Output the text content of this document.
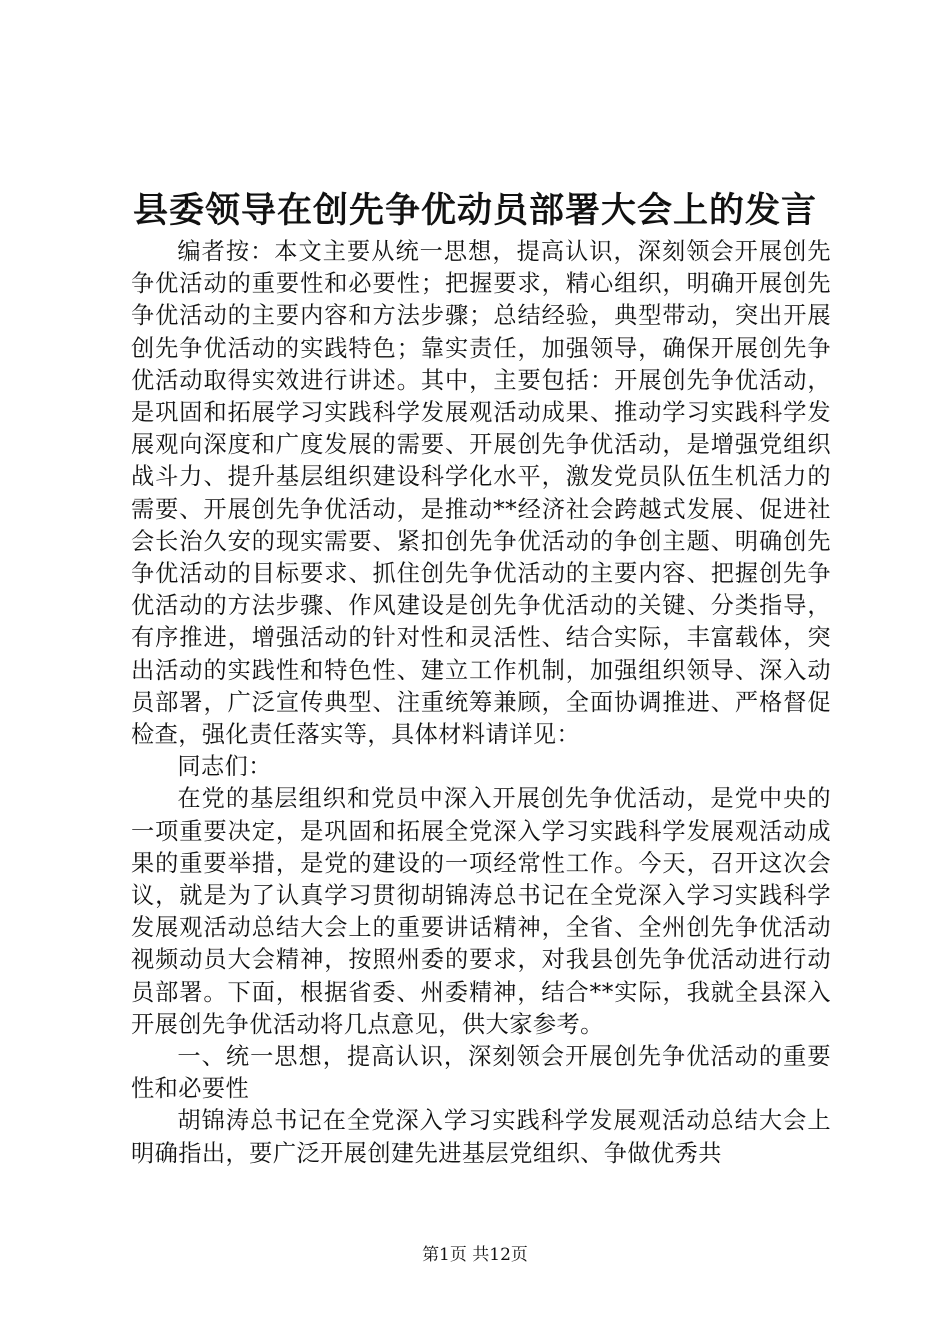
县委领导在创先争优动员部署大会上的发言

编者按：本文主要从统一思想，提高认识，深刻领会开展创先争优活动的重要性和必要性；把握要求，精心组织，明确开展创先争优活动的主要内容和方法步骤；总结经验，典型带动，突出开展创先争优活动的实践特色；靠实责任，加强领导，确保开展创先争优活动取得实效进行讲述。其中，主要包括：开展创先争优活动，是巩固和拓展学习实践科学发展观活动成果、推动学习实践科学发展观向深度和广度发展的需要、开展创先争优活动，是增强党组织战斗力、提升基层组织建设科学化水平，激发党员队伍生机活力的需要、开展创先争优活动，是推动**经济社会跨越式发展、促进社会长治久安的现实需要、紧扣创先争优活动的争创主题、明确创先争优活动的目标要求、抓住创先争优活动的主要内容、把握创先争优活动的方法步骤、作风建设是创先争优活动的关键、分类指导，有序推进，增强活动的针对性和灵活性、结合实际，丰富载体，突出活动的实践性和特色性、建立工作机制，加强组织领导、深入动员部署，广泛宣传典型、注重统筹兼顾，全面协调推进、严格督促检查，强化责任落实等，具体材料请详见：

同志们：

在党的基层组织和党员中深入开展创先争优活动，是党中央的一项重要决定，是巩固和拓展全党深入学习实践科学发展观活动成果的重要举措，是党的建设的一项经常性工作。今天，召开这次会议，就是为了认真学习贯彻胡锦涛总书记在全党深入学习实践科学发展观活动总结大会上的重要讲话精神，全省、全州创先争优活动视频动员大会精神，按照州委的要求，对我县创先争优活动进行动员部署。下面，根据省委、州委精神，结合**实际，我就全县深入开展创先争优活动将几点意见，供大家参考。

一、统一思想，提高认识，深刻领会开展创先争优活动的重要性和必要性

胡锦涛总书记在全党深入学习实践科学发展观活动总结大会上明确指出，要广泛开展创建先进基层党组织、争做优秀共

第1页 共12页
